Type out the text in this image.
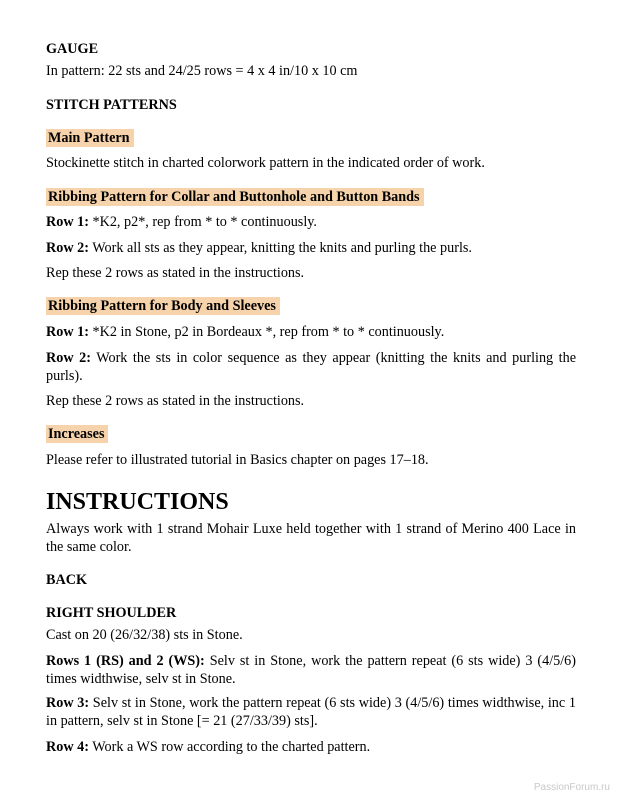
GAUGE
In pattern: 22 sts and 24/25 rows = 4 x 4 in/10 x 10 cm
STITCH PATTERNS
Main Pattern
Stockinette stitch in charted colorwork pattern in the indicated order of work.
Ribbing Pattern for Collar and Buttonhole and Button Bands
Row 1: *K2, p2*, rep from * to * continuously.
Row 2: Work all sts as they appear, knitting the knits and purling the purls.
Rep these 2 rows as stated in the instructions.
Ribbing Pattern for Body and Sleeves
Row 1: *K2 in Stone, p2 in Bordeaux *, rep from * to * continuously.
Row 2: Work the sts in color sequence as they appear (knitting the knits and purling the purls).
Rep these 2 rows as stated in the instructions.
Increases
Please refer to illustrated tutorial in Basics chapter on pages 17–18.
INSTRUCTIONS
Always work with 1 strand Mohair Luxe held together with 1 strand of Merino 400 Lace in the same color.
BACK
RIGHT SHOULDER
Cast on 20 (26/32/38) sts in Stone.
Rows 1 (RS) and 2 (WS): Selv st in Stone, work the pattern repeat (6 sts wide) 3 (4/5/6) times widthwise, selv st in Stone.
Row 3: Selv st in Stone, work the pattern repeat (6 sts wide) 3 (4/5/6) times widthwise, inc 1 in pattern, selv st in Stone [= 21 (27/33/39) sts].
Row 4: Work a WS row according to the charted pattern.
PassionForum.ru
